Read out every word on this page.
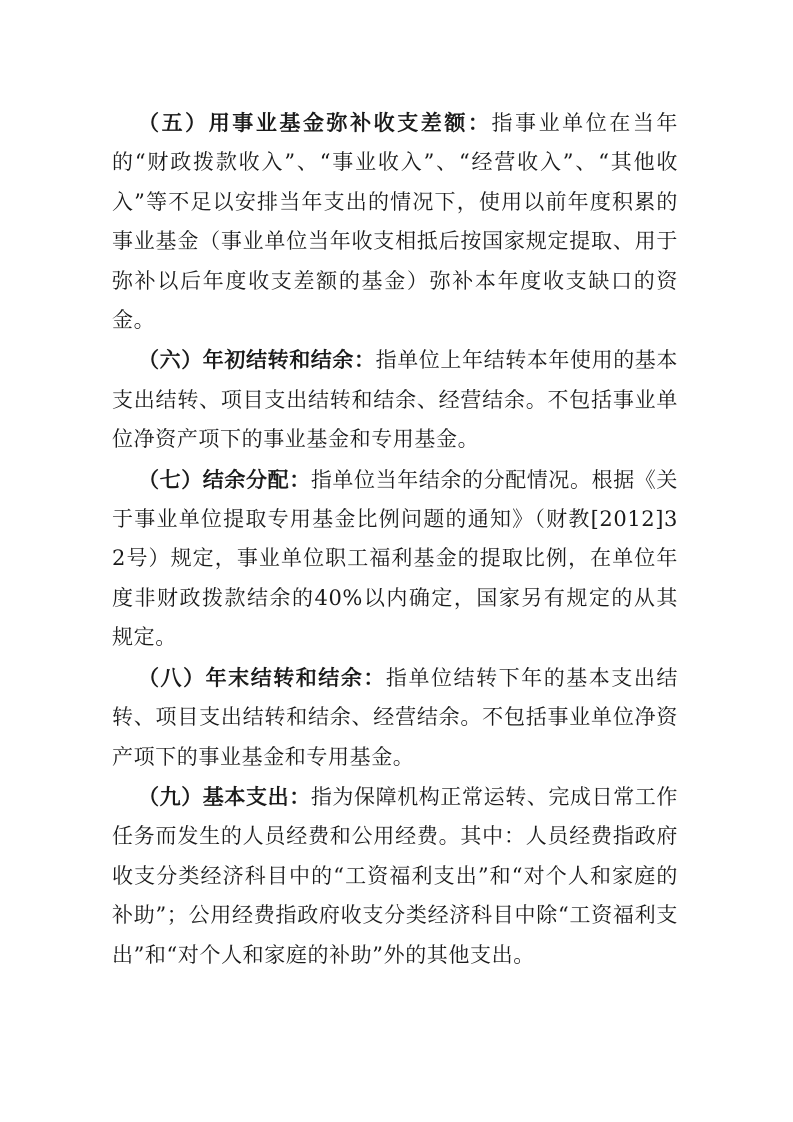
（五）用事业基金弥补收支差额：指事业单位在当年的“财政拨款收入”、“事业收入”、“经营收入”、“其他收入”等不足以安排当年支出的情况下，使用以前年度积累的事业基金（事业单位当年收支相抵后按国家规定提取、用于弥补以后年度收支差额的基金）弥补本年度收支缺口的资金。

（六）年初结转和结余：指单位上年结转本年使用的基本支出结转、项目支出结转和结余、经营结余。不包括事业单位净资产项下的事业基金和专用基金。

（七）结余分配：指单位当年结余的分配情况。根据《关于事业单位提取专用基金比例问题的通知》（财教[2012]32号）规定，事业单位职工福利基金的提取比例，在单位年度非财政拨款结余的40%以内确定，国家另有规定的从其规定。

（八）年末结转和结余：指单位结转下年的基本支出结转、项目支出结转和结余、经营结余。不包括事业单位净资产项下的事业基金和专用基金。

（九）基本支出：指为保障机构正常运转、完成日常工作任务而发生的人员经费和公用经费。其中：人员经费指政府收支分类经济科目中的“工资福利支出”和“对个人和家庭的补助”；公用经费指政府收支分类经济科目中除“工资福利支出”和“对个人和家庭的补助”外的其他支出。
